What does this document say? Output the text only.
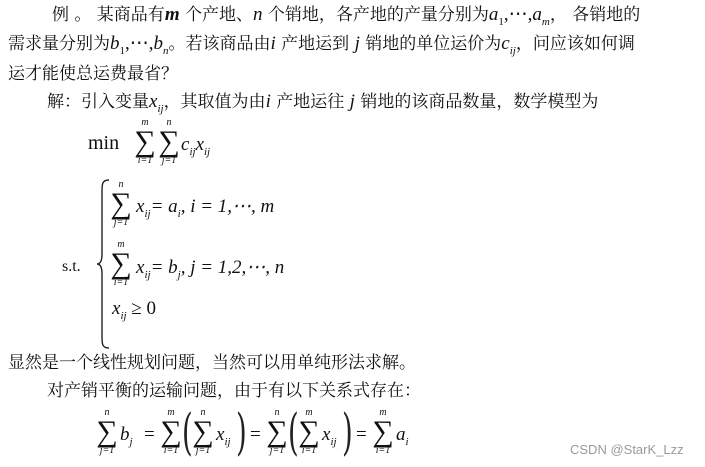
例 。 某商品有m 个产地、n 个销地，各产地的产量分别为$a_1,\cdots,a_m$， 各销地的
需求量分别为$b_1,\cdots,b_n$。若该商品由i 产地运到 j 销地的单位运价为$c_{ij}$，问应该如何调
运才能使总运费最省？
解：引入变量$x_{ij}$，其取值为由i 产地运往 j 销地的该商品数量，数学模型为
min
m
∑
i=1
n
∑
j=1
$c_{ij}x_{ij}$
s.t.
n
∑
j=1
$x_{ij}= a_i$, i = 1,⋯, m
m
∑
i=1
$x_{ij}= b_j$, j = 1,2,⋯, n
$x_{ij} \ge 0$
显然是一个线性规划问题，当然可以用单纯形法求解。
对产销平衡的运输问题，由于有以下关系式存在：
n
∑
j=1
$b_j$ =
m
∑
i=1 ( n
∑
j=1
$x_{ij}$ ) =
n
∑
j=1 ( m
∑
i=1
$x_{ij}$ ) =
m
∑
i=1
$a_i$	CSDN @StarK_Lzz
